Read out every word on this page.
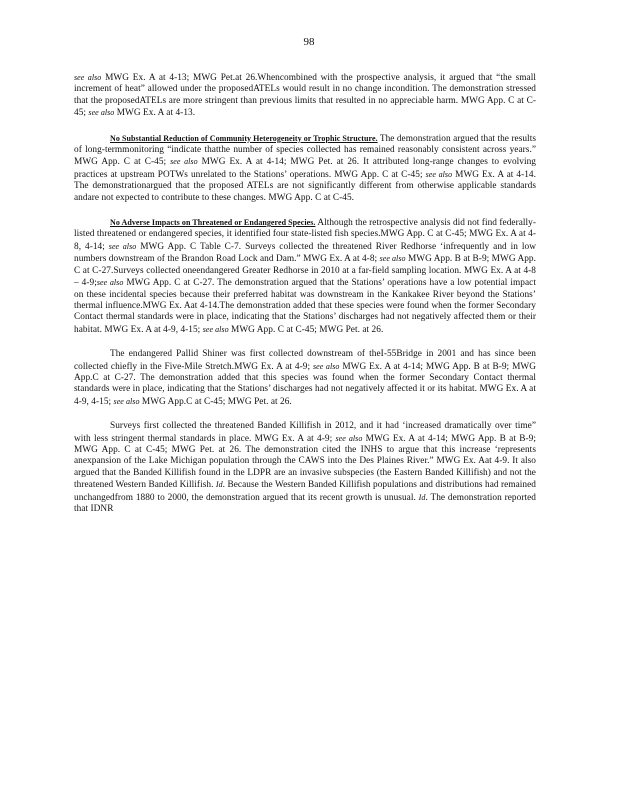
98

see also MWG Ex. A at 4-13; MWG Pet.at 26.Whencombined with the prospective analysis, it argued that “the small increment of heat” allowed under the proposedATELs would result in no change incondition. The demonstration stressed that the proposedATELs are more stringent than previous limits that resulted in no appreciable harm. MWG App. C at C-45; see also MWG Ex. A at 4-13.

No Substantial Reduction of Community Heterogeneity or Trophic Structure. The demonstration argued that the results of long-termmonitoring “indicate thatthe number of species collected has remained reasonably consistent across years.” MWG App. C at C-45; see also MWG Ex. A at 4-14; MWG Pet. at 26. It attributed long-range changes to evolving practices at upstream POTWs unrelated to the Stations’ operations. MWG App. C at C-45; see also MWG Ex. A at 4-14. The demonstrationargued that the proposed ATELs are not significantly different from otherwise applicable standards andare not expected to contribute to these changes. MWG App. C at C-45.

No Adverse Impacts on Threatened or Endangered Species. Although the retrospective analysis did not find federally-listed threatened or endangered species, it identified four state-listed fish species.MWG App. C at C-45; MWG Ex. A at 4-8, 4-14; see also MWG App. C Table C-7. Surveys collected the threatened River Redhorse ‘infrequently and in low numbers downstream of the Brandon Road Lock and Dam.” MWG Ex. A at 4-8; see also MWG App. B at B-9; MWG App. C at C-27.Surveys collected oneendangered Greater Redhorse in 2010 at a far-field sampling location. MWG Ex. A at 4-8 – 4-9;see also MWG App. C at C-27. The demonstration argued that the Stations’ operations have a low potential impact on these incidental species because their preferred habitat was downstream in the Kankakee River beyond the Stations’ thermal influence.MWG Ex. Aat 4-14.The demonstration added that these species were found when the former Secondary Contact thermal standards were in place, indicating that the Stations’ discharges had not negatively affected them or their habitat. MWG Ex. A at 4-9, 4-15; see also MWG App. C at C-45; MWG Pet. at 26.

The endangered Pallid Shiner was first collected downstream of theI-55Bridge in 2001 and has since been collected chiefly in the Five-Mile Stretch.MWG Ex. A at 4-9; see also MWG Ex. A at 4-14; MWG App. B at B-9; MWG App.C at C-27. The demonstration added that this species was found when the former Secondary Contact thermal standards were in place, indicating that the Stations’ discharges had not negatively affected it or its habitat. MWG Ex. A at 4-9, 4-15; see also MWG App.C at C-45; MWG Pet. at 26.

Surveys first collected the threatened Banded Killifish in 2012, and it had ‘increased dramatically over time” with less stringent thermal standards in place. MWG Ex. A at 4-9; see also MWG Ex. A at 4-14; MWG App. B at B-9; MWG App. C at C-45; MWG Pet. at 26. The demonstration cited the INHS to argue that this increase ‘represents anexpansion of the Lake Michigan population through the CAWS into the Des Plaines River.” MWG Ex. Aat 4-9. It also argued that the Banded Killifish found in the LDPR are an invasive subspecies (the Eastern Banded Killifish) and not the threatened Western Banded Killifish. Id. Because the Western Banded Killifish populations and distributions had remained unchangedfrom 1880 to 2000, the demonstration argued that its recent growth is unusual. Id. The demonstration reported that IDNR
